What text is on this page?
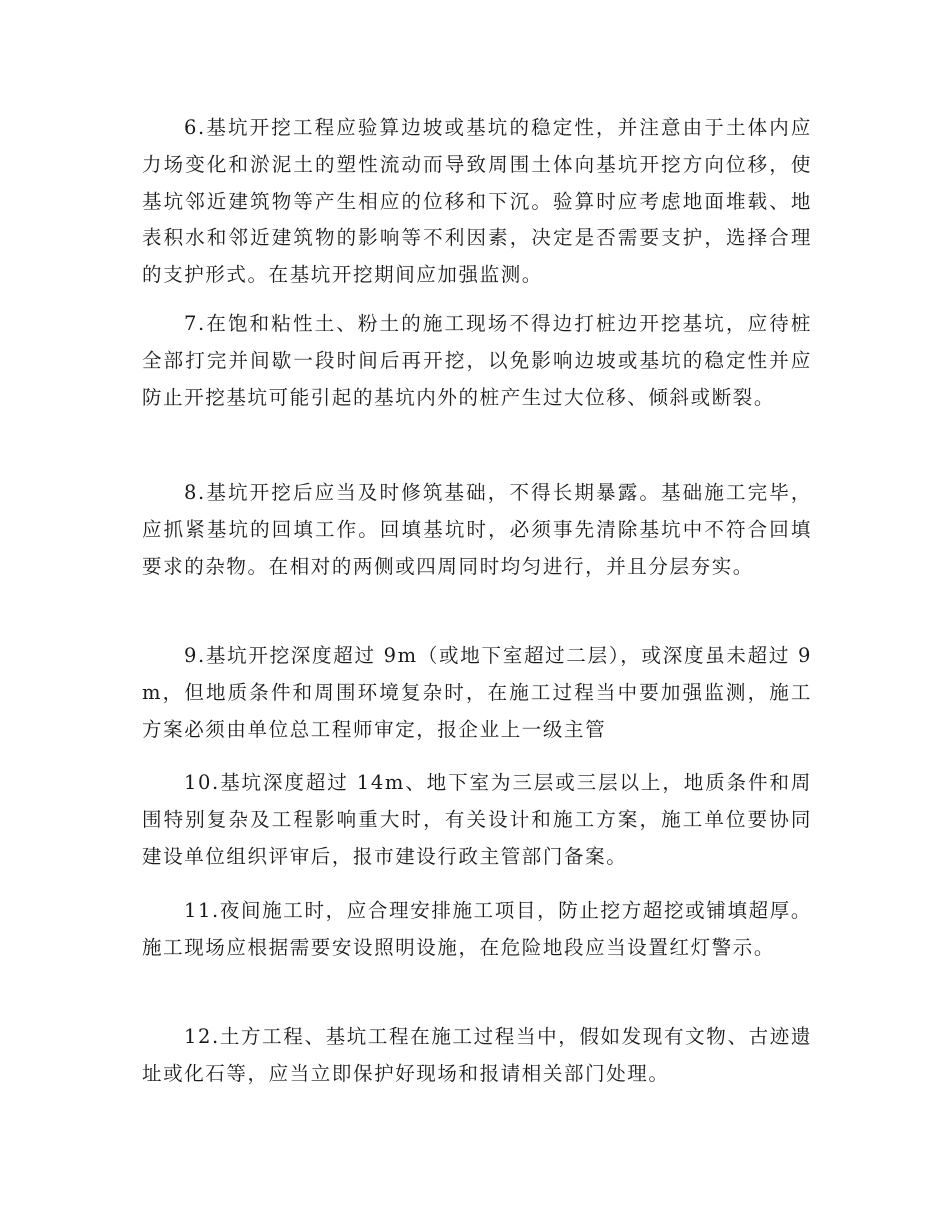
6.基坑开挖工程应验算边坡或基坑的稳定性，并注意由于土体内应力场变化和淤泥土的塑性流动而导致周围土体向基坑开挖方向位移，使基坑邻近建筑物等产生相应的位移和下沉。验算时应考虑地面堆载、地表积水和邻近建筑物的影响等不利因素，决定是否需要支护，选择合理的支护形式。在基坑开挖期间应加强监测。

7.在饱和粘性土、粉土的施工现场不得边打桩边开挖基坑，应待桩全部打完并间歇一段时间后再开挖，以免影响边坡或基坑的稳定性并应防止开挖基坑可能引起的基坑内外的桩产生过大位移、倾斜或断裂。

8.基坑开挖后应当及时修筑基础，不得长期暴露。基础施工完毕，应抓紧基坑的回填工作。回填基坑时，必须事先清除基坑中不符合回填要求的杂物。在相对的两侧或四周同时均匀进行，并且分层夯实。

9.基坑开挖深度超过 9m（或地下室超过二层），或深度虽未超过 9m，但地质条件和周围环境复杂时，在施工过程当中要加强监测，施工方案必须由单位总工程师审定，报企业上一级主管

10.基坑深度超过 14m、地下室为三层或三层以上，地质条件和周围特别复杂及工程影响重大时，有关设计和施工方案，施工单位要协同建设单位组织评审后，报市建设行政主管部门备案。

11.夜间施工时，应合理安排施工项目，防止挖方超挖或铺填超厚。施工现场应根据需要安设照明设施，在危险地段应当设置红灯警示。

12.土方工程、基坑工程在施工过程当中，假如发现有文物、古迹遗址或化石等，应当立即保护好现场和报请相关部门处理。
